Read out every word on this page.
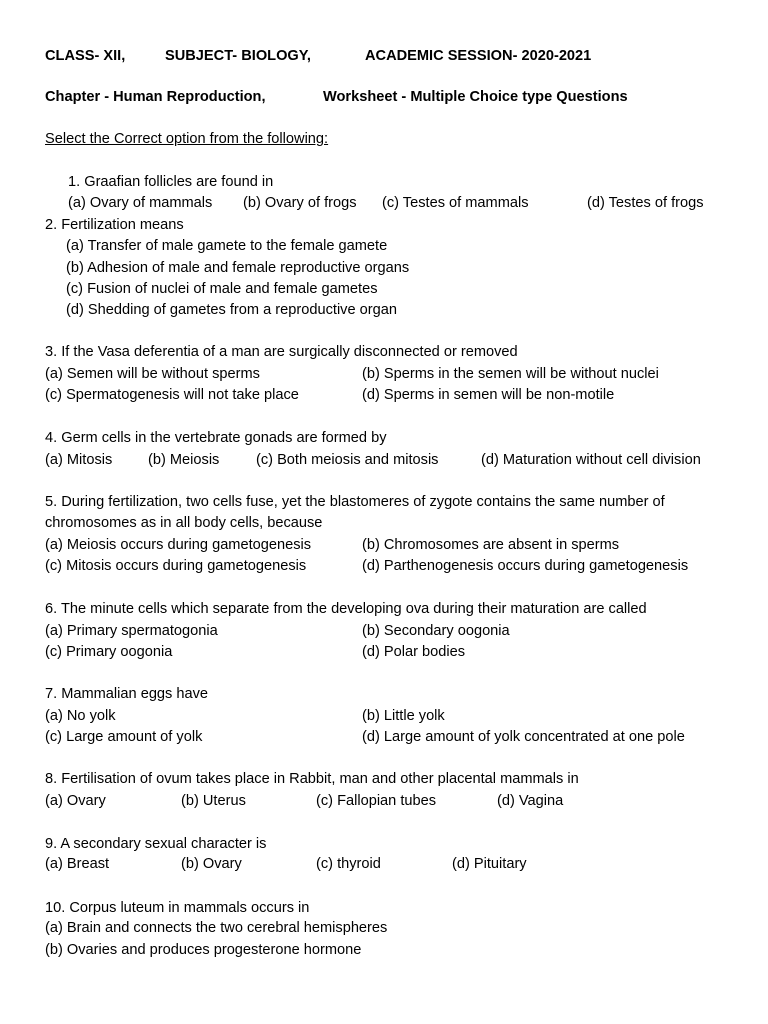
CLASS- XII,	SUBJECT- BIOLOGY,	ACADEMIC SESSION- 2020-2021
Chapter - Human Reproduction,	Worksheet - Multiple Choice type Questions
Select the Correct option from the following:
1. Graafian follicles are found in
(a) Ovary of mammals (b) Ovary of frogs (c) Testes of mammals	(d) Testes of frogs
2. Fertilization means
(a) Transfer of male gamete to the female gamete
(b) Adhesion of male and female reproductive organs
(c) Fusion of nuclei of male and female gametes
(d) Shedding of gametes from a reproductive organ
3. If the Vasa deferentia of a man are surgically disconnected or removed
(a) Semen will be without sperms	(b) Sperms in the semen will be without nuclei
(c) Spermatogenesis will not take place	(d) Sperms in semen will be non-motile
4. Germ cells in the vertebrate gonads are formed by
(a) Mitosis (b) Meiosis	(c) Both meiosis and mitosis	(d) Maturation without cell division
5. During fertilization, two cells fuse, yet the blastomeres of zygote contains the same number of
chromosomes as in all body cells, because
(a) Meiosis occurs during gametogenesis	(b) Chromosomes are absent in sperms
(c) Mitosis occurs during gametogenesis	(d) Parthenogenesis occurs during gametogenesis
6. The minute cells which separate from the developing ova during their maturation are called
(a) Primary spermatogonia	(b) Secondary oogonia
(c) Primary oogonia	(d) Polar bodies
7. Mammalian eggs have
(a) No yolk	(b) Little yolk
(c) Large amount of yolk	(d) Large amount of yolk concentrated at one pole
8. Fertilisation of ovum takes place in Rabbit, man and other placental mammals in
(a) Ovary	(b) Uterus	(c) Fallopian tubes	(d) Vagina
9. A secondary sexual character is
(a) Breast	(b) Ovary	(c) thyroid	(d) Pituitary
10. Corpus luteum in mammals occurs in
(a) Brain and connects the two cerebral hemispheres
(b) Ovaries and produces progesterone hormone
